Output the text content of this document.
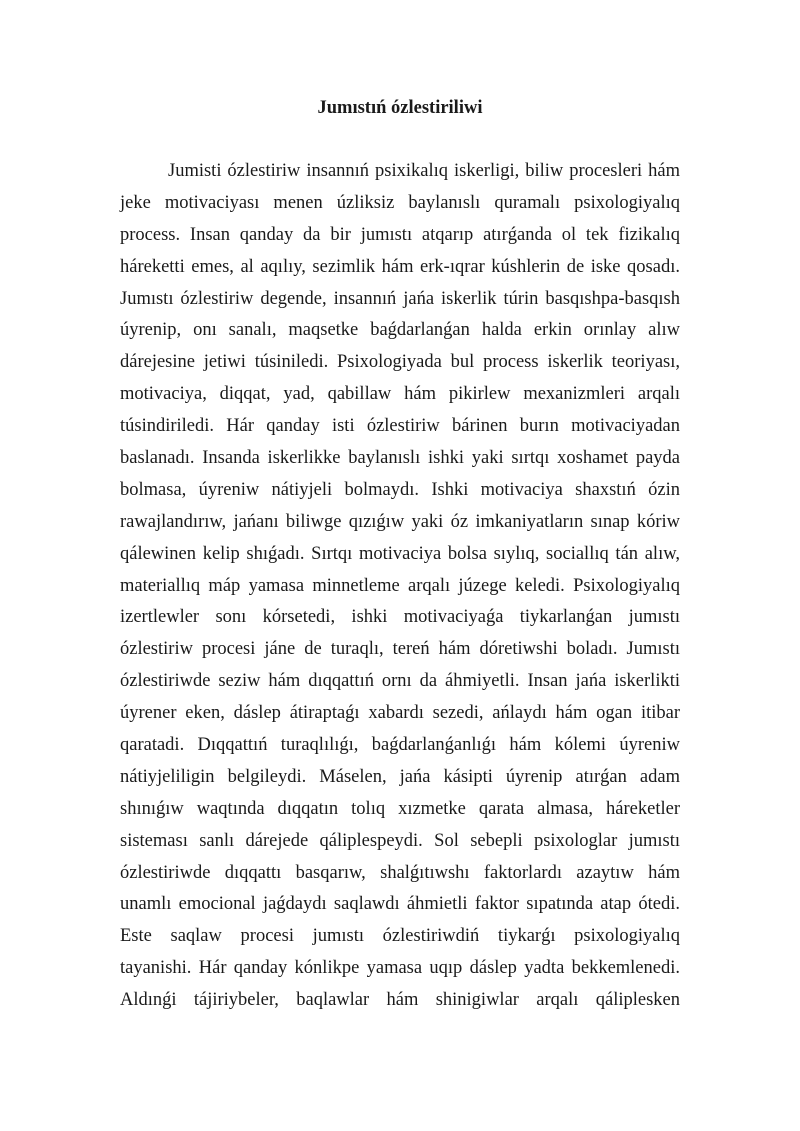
Jumıstıń ózlestiriliwi
Jumisti ózlestiriw insannıń psixikalıq iskerligi, biliw procesleri hám
jeke motivaciyası menen úzliksiz baylanıslı quramalı psixologiyalıq
process. Insan qanday da bir jumıstı atqarıp atırǵanda ol tek fizikalıq
háreketti emes, al aqılıy, sezimlik hám erk-ıqrar kúshlerin de iske qosadı.
Jumıstı ózlestiriw degende, insannıń jańa iskerlik túrin basqıshpa-basqısh
úyrenip, onı sanalı, maqsetke baǵdarlanǵan halda erkin orınlay alıw
dárejesine jetiwi túsiniledi. Psixologiyada bul process iskerlik teoriyası,
motivaciya, diqqat, yad, qabillaw hám pikirlew mexanizmleri arqalı
túsindiriledi. Hár qanday isti ózlestiriw bárinen burın motivaciyadan
baslanadı. Insanda iskerlikke baylanıslı ishki yaki sırtqı xoshamet payda
bolmasa, úyreniw nátiyjeli bolmaydı. Ishki motivaciya shaxstıń ózin
rawajlandırıw, jańanı biliwge qızıǵıw yaki óz imkaniyatların sınap kóriw
qálewinen kelip shıǵadı. Sırtqı motivaciya bolsa sıylıq, sociallıq tán alıw,
materiallıq máp yamasa minnetleme arqalı júzege keledi. Psixologiyalıq
izertlewler sonı kórsetedi, ishki motivaciyaǵa tiykarlanǵan jumıstı
ózlestiriw procesi jáne de turaqlı, tereń hám dóretiwshi boladı. Jumıstı
ózlestiriwde seziw hám dıqqattıń ornı da áhmiyetli. Insan jańa iskerlikti
úyrener eken, dáslep átiraptaǵı xabardı sezedi, ańlaydı hám ogan itibar
qaratadi. Dıqqattıń turaqlılıǵı, baǵdarlanǵanlıǵı hám kólemi úyreniw
nátiyjeliligin belgileydi. Máselen, jańa kásipti úyrenip atırǵan adam
shınıǵıw waqtında dıqqatın tolıq xızmetke qarata almasa, háreketler
sisteması sanlı dárejede qáliplespeydi. Sol sebepli psixologlar jumıstı
ózlestiriwde dıqqattı basqarıw, shalǵıtıwshı faktorlardı azaytıw hám
unamlı emocional jaǵdaydı saqlawdı áhmietli faktor sıpatında atap ótedi.
Este saqlaw procesi jumıstı ózlestiriwdiń tiykarǵı psixologiyalıq
tayanishi. Hár qanday kónlikpe yamasa uqıp dáslep yadta bekkemlenedi.
Aldınǵi tájiriybeler, baqlawlar hám shinigiwlar arqalı qáliplesken
